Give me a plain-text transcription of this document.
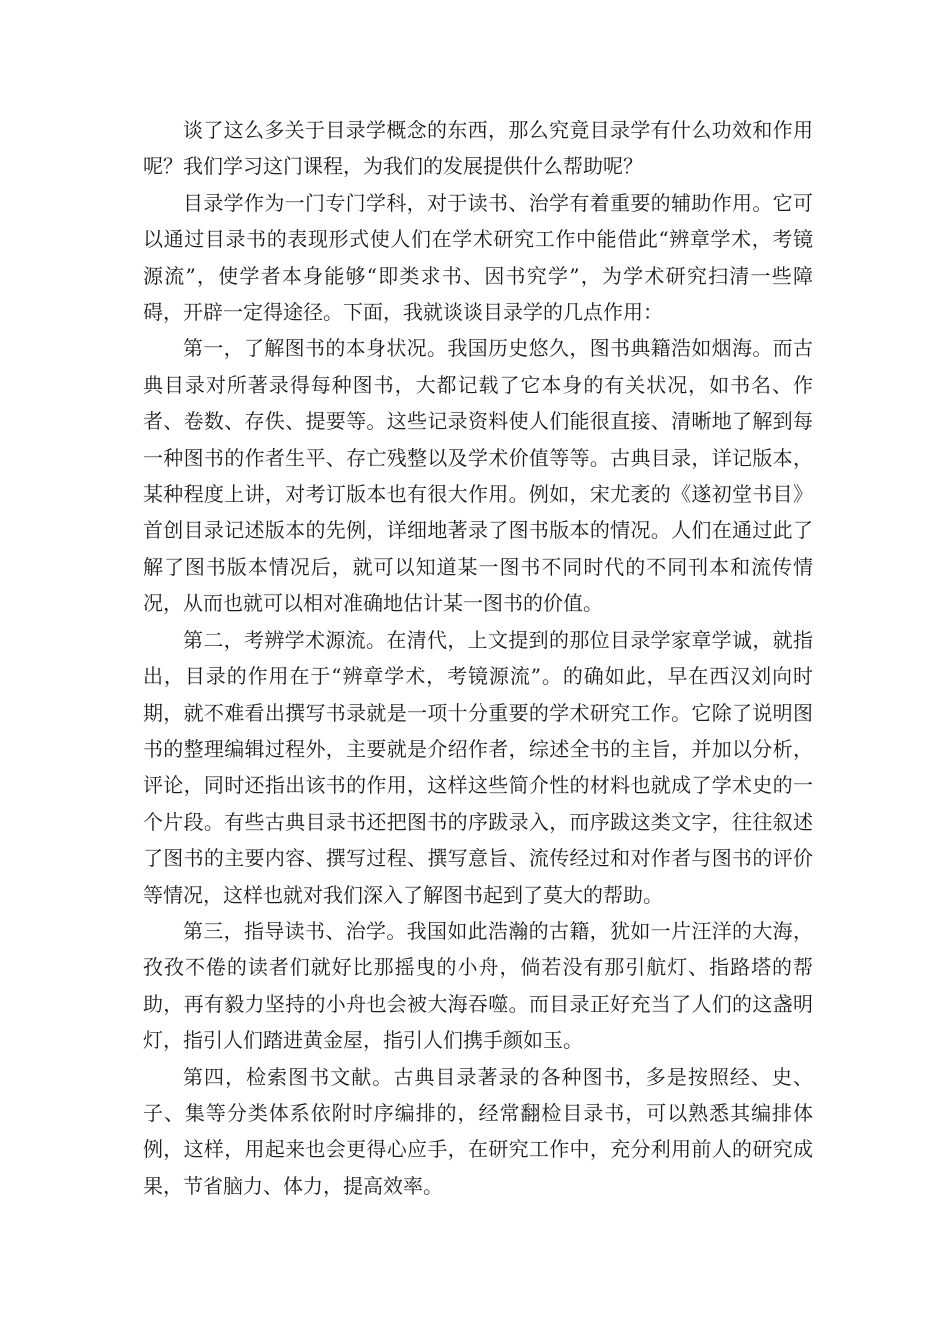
谈了这么多关于目录学概念的东西，那么究竟目录学有什么功效和作用呢？我们学习这门课程，为我们的发展提供什么帮助呢？

目录学作为一门专门学科，对于读书、治学有着重要的辅助作用。它可以通过目录书的表现形式使人们在学术研究工作中能借此“辨章学术，考镜源流”，使学者本身能够“即类求书、因书究学”，为学术研究扫清一些障碍，开辟一定得途径。下面，我就谈谈目录学的几点作用：

第一，了解图书的本身状况。我国历史悠久，图书典籍浩如烟海。而古典目录对所著录得每种图书，大都记载了它本身的有关状况，如书名、作者、卷数、存佚、提要等。这些记录资料使人们能很直接、清晰地了解到每一种图书的作者生平、存亡残整以及学术价值等等。古典目录，详记版本，某种程度上讲，对考订版本也有很大作用。例如，宋尤袤的《遂初堂书目》首创目录记述版本的先例，详细地著录了图书版本的情况。人们在通过此了解了图书版本情况后，就可以知道某一图书不同时代的不同刊本和流传情况，从而也就可以相对准确地估计某一图书的价值。

第二，考辨学术源流。在清代，上文提到的那位目录学家章学诚，就指出，目录的作用在于“辨章学术，考镜源流”。的确如此，早在西汉刘向时期，就不难看出撰写书录就是一项十分重要的学术研究工作。它除了说明图书的整理编辑过程外，主要就是介绍作者，综述全书的主旨，并加以分析，评论，同时还指出该书的作用，这样这些简介性的材料也就成了学术史的一个片段。有些古典目录书还把图书的序跋录入，而序跋这类文字，往往叙述了图书的主要内容、撰写过程、撰写意旨、流传经过和对作者与图书的评价等情况，这样也就对我们深入了解图书起到了莫大的帮助。

第三，指导读书、治学。我国如此浩瀚的古籍，犹如一片汪洋的大海，孜孜不倦的读者们就好比那摇曳的小舟，倘若没有那引航灯、指路塔的帮助，再有毅力坚持的小舟也会被大海吞噬。而目录正好充当了人们的这盏明灯，指引人们踏进黄金屋，指引人们携手颜如玉。

第四，检索图书文献。古典目录著录的各种图书，多是按照经、史、子、集等分类体系依附时序编排的，经常翻检目录书，可以熟悉其编排体例，这样，用起来也会更得心应手，在研究工作中，充分利用前人的研究成果，节省脑力、体力，提高效率。
